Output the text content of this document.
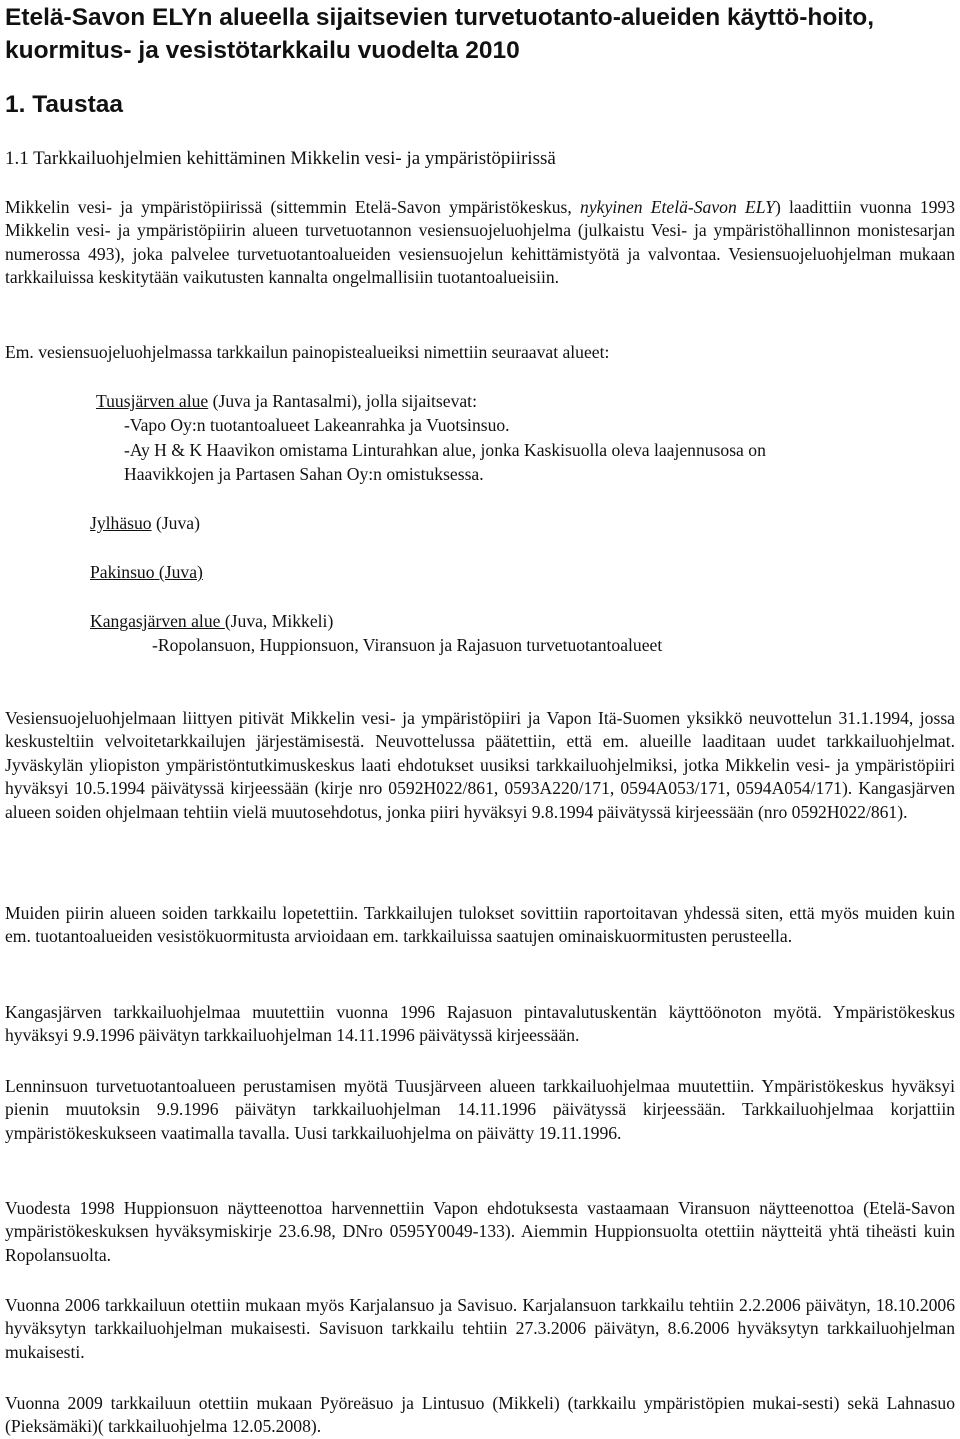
Etelä-Savon ELYn alueella sijaitsevien turvetuotanto-alueiden käyttö-hoito, kuormitus- ja vesistötarkkailu vuodelta 2010
1. Taustaa
1.1 Tarkkailuohjelmien kehittäminen Mikkelin vesi- ja ympäristöpiirissä

Mikkelin vesi- ja ympäristöpiirissä (sittemmin Etelä-Savon ympäristökeskus, nykyinen Etelä-Savon ELY) laadittiin vuonna 1993 Mikkelin vesi- ja ympäristöpiirin alueen turvetuotannon vesiensuojeluohjelma (julkaistu Vesi- ja ympäristöhallinnon monistesarjan numerossa 493), joka palvelee turvetuotantoalueiden vesiensuojelun kehittämistyötä ja valvontaa. Vesiensuojeluohjelman mukaan tarkkailuissa keskitytään vaikutusten kannalta ongelmallisiin tuotantoalueisiin.

Em. vesiensuojeluohjelmassa tarkkailun painopistealueiksi nimettiin seuraavat alueet:
Tuusjärven alue (Juva ja Rantasalmi), jolla sijaitsevat:
-Vapo Oy:n tuotantoalueet Lakeanrahka ja Vuotsinsuo.
-Ay H & K Haavikon omistama Linturahkan alue, jonka Kaskisuolla oleva laajennusosa on
Haavikkojen ja Partasen Sahan Oy:n omistuksessa.
Jylhäsuo (Juva)
Pakinsuo (Juva)
Kangasjärven alue (Juva, Mikkeli)
-Ropolansuon, Huppionsuon, Viransuon ja Rajasuon turvetuotantoalueet

Vesiensuojeluohjelmaan liittyen pitivät Mikkelin vesi- ja ympäristöpiiri ja Vapon Itä-Suomen yksikkö neuvottelun 31.1.1994, jossa keskusteltiin velvoitetarkkailujen järjestämisestä. Neuvottelussa päätettiin, että em. alueille laaditaan uudet tarkkailuohjelmat. Jyväskylän yliopiston ympäristöntutkimuskeskus laati ehdotukset uusiksi tarkkailuohjelmiksi, jotka Mikkelin vesi- ja ympäristöpiiri hyväksyi 10.5.1994 päivätyssä kirjeessään (kirje nro 0592H022/861, 0593A220/171, 0594A053/171, 0594A054/171). Kangasjärven alueen soiden ohjelmaan tehtiin vielä muutosehdotus, jonka piiri hyväksyi 9.8.1994 päivätyssä kirjeessään (nro 0592H022/861).

Muiden piirin alueen soiden tarkkailu lopetettiin. Tarkkailujen tulokset sovittiin raportoitavan yhdessä siten, että myös muiden kuin em. tuotantoalueiden vesistökuormitusta arvioidaan em. tarkkailuissa saatujen ominaiskuormitusten perusteella.

Kangasjärven tarkkailuohjelmaa muutettiin vuonna 1996 Rajasuon pintavalutuskentän käyttöönoton myötä. Ympäristökeskus hyväksyi 9.9.1996 päivätyn tarkkailuohjelman 14.11.1996 päivätyssä kirjeessään.

Lenninsuon turvetuotantoalueen perustamisen myötä Tuusjärveen alueen tarkkailuohjelmaa muutettiin. Ympäristökeskus hyväksyi pienin muutoksin 9.9.1996 päivätyn tarkkailuohjelman 14.11.1996 päivätyssä kirjeessään. Tarkkailuohjelmaa korjattiin ympäristökeskukseen vaatimalla tavalla. Uusi tarkkailuohjelma on päivätty 19.11.1996.

Vuodesta 1998 Huppionsuon näytteenottoa harvennettiin Vapon ehdotuksesta vastaamaan Viransuon näytteenottoa (Etelä-Savon ympäristökeskuksen hyväksymiskirje 23.6.98, DNro 0595Y0049-133). Aiemmin Huppionsuolta otettiin näytteitä yhtä tiheästi kuin Ropolansuolta.

Vuonna 2006 tarkkailuun otettiin mukaan myös Karjalansuo ja Savisuo. Karjalansuon tarkkailu tehtiin 2.2.2006 päivätyn, 18.10.2006 hyväksytyn tarkkailuohjelman mukaisesti. Savisuon tarkkailu tehtiin 27.3.2006 päivätyn, 8.6.2006 hyväksytyn tarkkailuohjelman mukaisesti.

Vuonna 2009 tarkkailuun otettiin mukaan Pyöreäsuo ja Lintusuo (Mikkeli) (tarkkailu ympäristöpien mukai-sesti) sekä Lahnasuo (Pieksämäki)( tarkkailuohjelma 12.05.2008).
